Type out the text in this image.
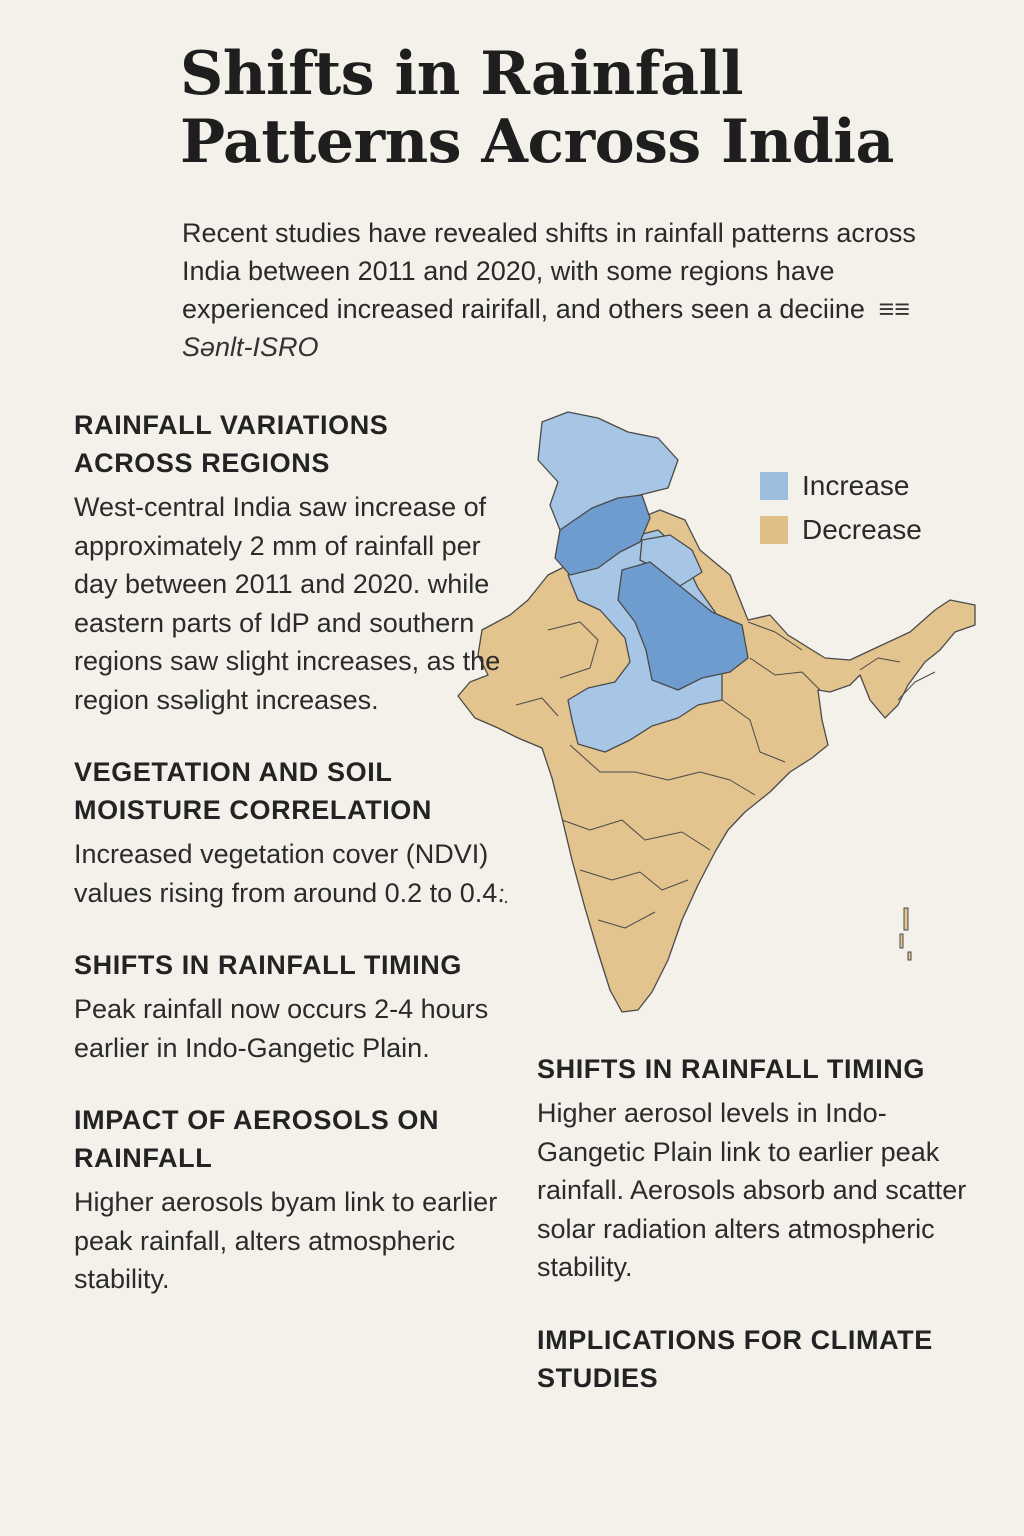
Shifts in Rainfall Patterns Across India

Recent studies have revealed shifts in rainfall patterns across India between 2011 and 2020, with some regions have experienced increased rairifall, and others seen a deciine ≡≡ Sənlt-ISRO

Increase
Decrease

RAINFALL VARIATIONS ACROSS REGIONS

West-central India saw increase of approximately 2 mm of rainfall per day between 2011 and 2020. while eastern parts of IdP and southern regions saw slight increases, as the region ssəlight increases.

VEGETATION AND SOIL MOISTURE CORRELATION

Increased vegetation cover (NDVI) values rising from around 0.2 to 0.4.

SHIFTS IN RAINFALL TIMING

Peak rainfall now occurs 2-4 hours earlier in Indo-Gangetic Plain.

IMPACT OF AEROSOLS ON RAINFALL

Higher aerosols byam link to earlier peak rainfall, alters atmospheric stability.

SHIFTS IN RAINFALL TIMING

Higher aerosol levels in Indo-Gangetic Plain link to earlier peak rainfall. Aerosols absorb and scatter solar radiation alters atmospheric stability.

IMPLICATIONS FOR CLIMATE STUDIES
